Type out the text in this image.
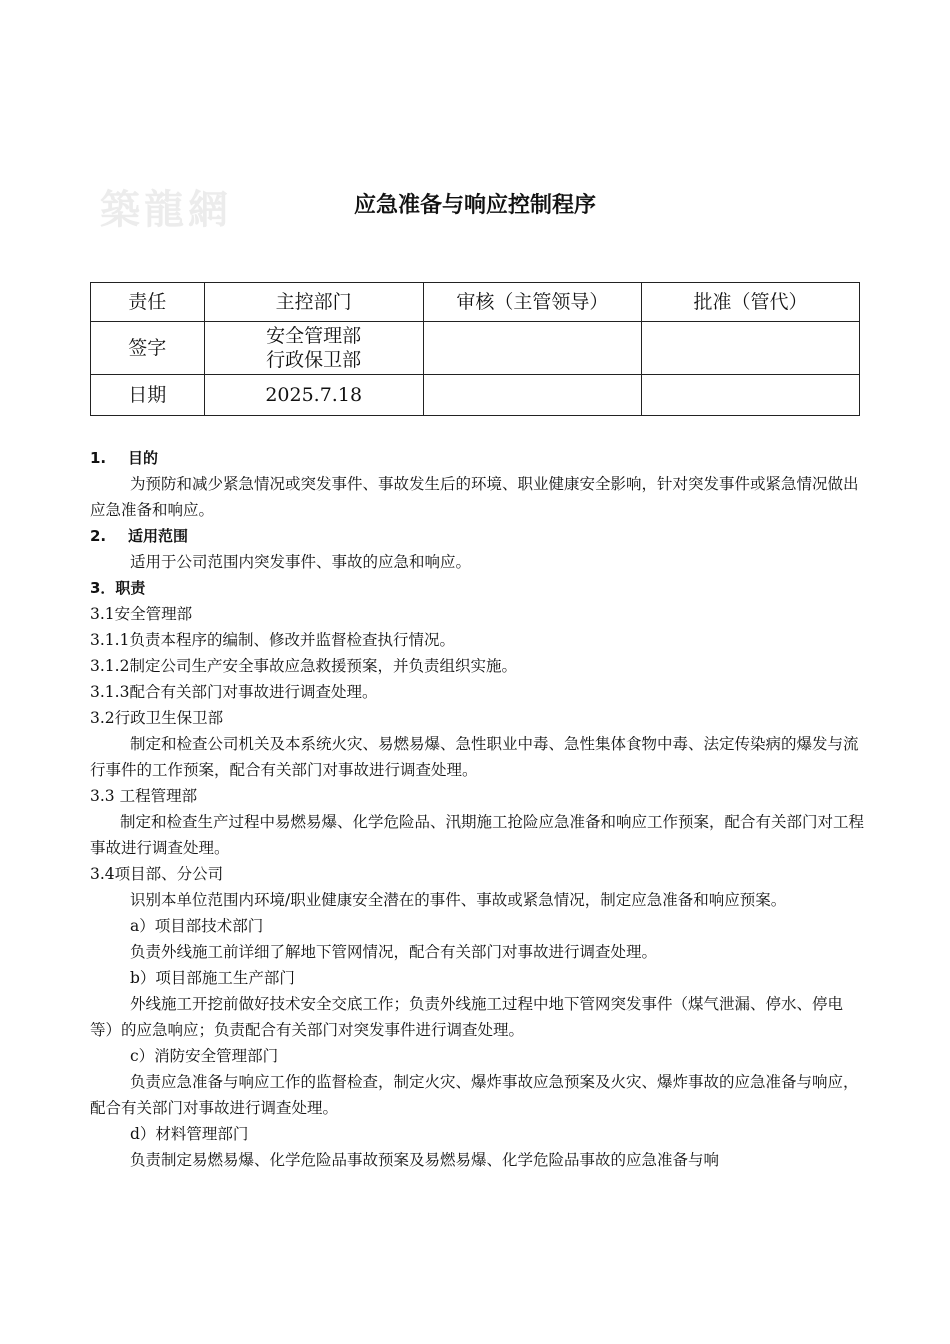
築龍網	应急准备与响应控制程序
责任	主控部门	审核（主管领导）	批准（管代）
签字	安全管理部
行政保卫部		

日期	2025.7.18		

1. 目的

为预防和减少紧急情况或突发事件、事故发生后的环境、职业健康安全影响，针对突发事件或紧急情况做出应急准备和响应。

2. 适用范围

适用于公司范围内突发事件、事故的应急和响应。

3．职责

3.1安全管理部

3.1.1负责本程序的编制、修改并监督检查执行情况。

3.1.2制定公司生产安全事故应急救援预案，并负责组织实施。

3.1.3配合有关部门对事故进行调查处理。

3.2行政卫生保卫部

制定和检查公司机关及本系统火灾、易燃易爆、急性职业中毒、急性集体食物中毒、法定传染病的爆发与流行事件的工作预案，配合有关部门对事故进行调查处理。

3.3 工程管理部

制定和检查生产过程中易燃易爆、化学危险品、汛期施工抢险应急准备和响应工作预案，配合有关部门对工程事故进行调查处理。

3.4项目部、分公司

识别本单位范围内环境/职业健康安全潜在的事件、事故或紧急情况，制定应急准备和响应预案。

a）项目部技术部门

负责外线施工前详细了解地下管网情况，配合有关部门对事故进行调查处理。

b）项目部施工生产部门

外线施工开挖前做好技术安全交底工作；负责外线施工过程中地下管网突发事件（煤气泄漏、停水、停电等）的应急响应；负责配合有关部门对突发事件进行调查处理。

c）消防安全管理部门

负责应急准备与响应工作的监督检查，制定火灾、爆炸事故应急预案及火灾、爆炸事故的应急准备与响应，配合有关部门对事故进行调查处理。

d）材料管理部门

负责制定易燃易爆、化学危险品事故预案及易燃易爆、化学危险品事故的应急准备与响
